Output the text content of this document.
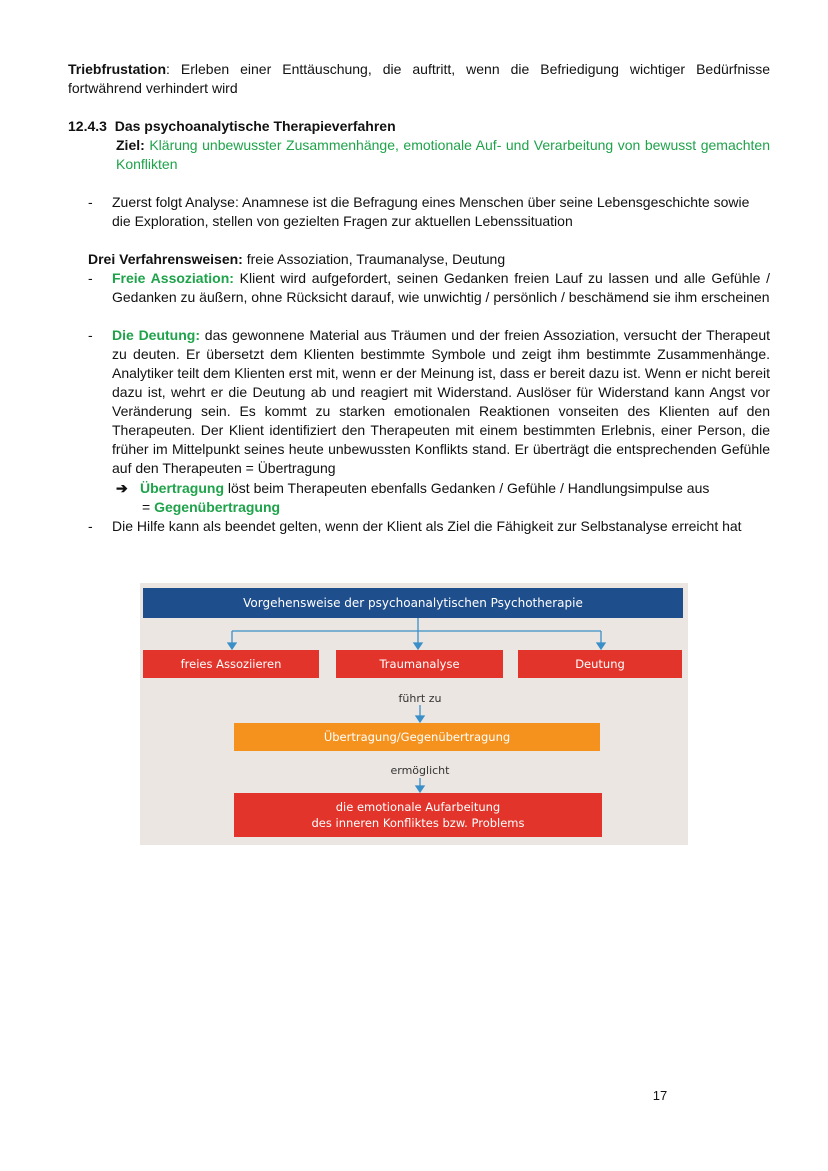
Triebfrustation: Erleben einer Enttäuschung, die auftritt, wenn die Befriedigung wichtiger Bedürfnisse fortwährend verhindert wird

12.4.3 Das psychoanalytische Therapieverfahren

Ziel: Klärung unbewusster Zusammenhänge, emotionale Auf- und Verarbeitung von bewusst gemachten Konflikten

- Zuerst folgt Analyse: Anamnese ist die Befragung eines Menschen über seine Lebensgeschichte sowie die Exploration, stellen von gezielten Fragen zur aktuellen Lebenssituation

Drei Verfahrensweisen: freie Assoziation, Traumanalyse, Deutung
- Freie Assoziation: Klient wird aufgefordert, seinen Gedanken freien Lauf zu lassen und alle Gefühle / Gedanken zu äußern, ohne Rücksicht darauf, wie unwichtig / persönlich / beschämend sie ihm erscheinen

- Die Deutung: das gewonnene Material aus Träumen und der freien Assoziation, versucht der Therapeut zu deuten. Er übersetzt dem Klienten bestimmte Symbole und zeigt ihm bestimmte Zusammenhänge. Analytiker teilt dem Klienten erst mit, wenn er der Meinung ist, dass er bereit dazu ist. Wenn er nicht bereit dazu ist, wehrt er die Deutung ab und reagiert mit Widerstand. Auslöser für Widerstand kann Angst vor Veränderung sein. Es kommt zu starken emotionalen Reaktionen vonseiten des Klienten auf den Therapeuten. Der Klient identifiziert den Therapeuten mit einem bestimmten Erlebnis, einer Person, die früher im Mittelpunkt seines heute unbewussten Konflikts stand. Er überträgt die entsprechenden Gefühle auf den Therapeuten = Übertragung

➔ Übertragung löst beim Therapeuten ebenfalls Gedanken / Gefühle / Handlungsimpulse aus
= Gegenübertragung
- Die Hilfe kann als beendet gelten, wenn der Klient als Ziel die Fähigkeit zur Selbstanalyse erreicht hat

Vorgehensweise der psychoanalytischen Psychotherapie
freies Assoziieren	Traumanalyse	Deutung
führt zu
Übertragung/Gegenübertragung
ermöglicht
die emotionale Aufarbeitung
des inneren Konfliktes bzw. Problems
17
